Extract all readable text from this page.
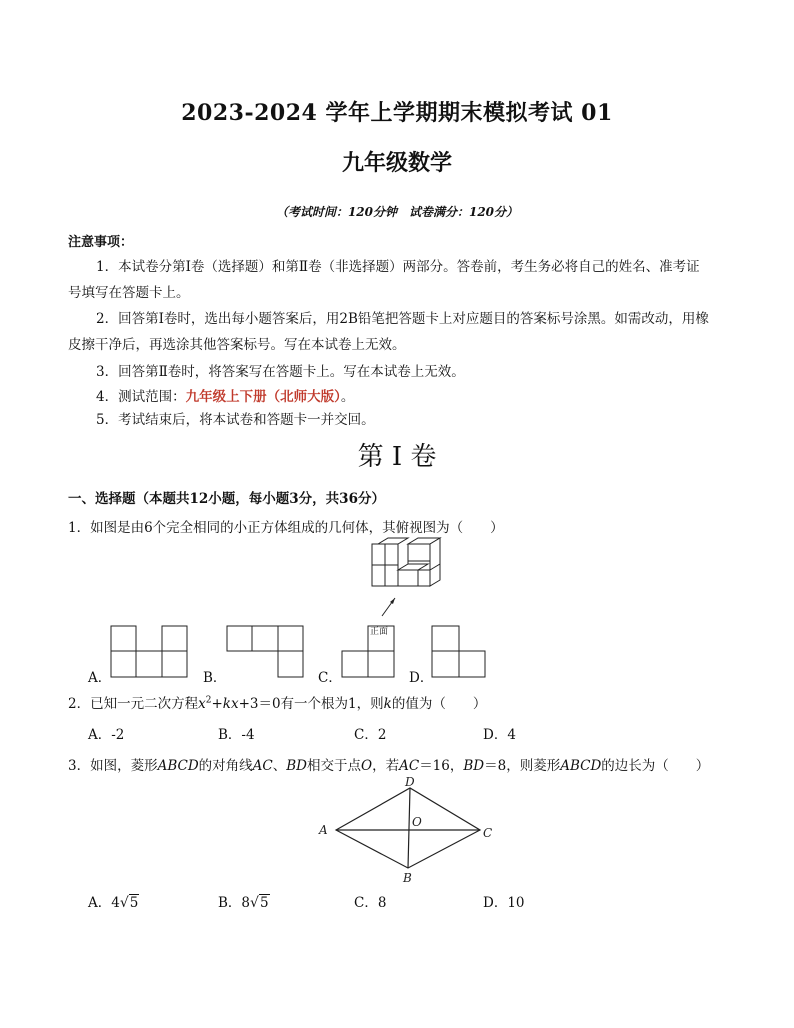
2023-2024 学年上学期期末模拟考试 01
九年级数学
（考试时间：120分钟　试卷满分：120分）
注意事项：
1．本试卷分第Ⅰ卷（选择题）和第Ⅱ卷（非选择题）两部分。答卷前，考生务必将自己的姓名、准考证
号填写在答题卡上。
2．回答第Ⅰ卷时，选出每小题答案后，用2B铅笔把答题卡上对应题目的答案标号涂黑。如需改动，用橡
皮擦干净后，再选涂其他答案标号。写在本试卷上无效。
3．回答第Ⅱ卷时，将答案写在答题卡上。写在本试卷上无效。
4．测试范围：九年级上下册（北师大版）。
5．考试结束后，将本试卷和答题卡一并交回。
第 I 卷
一、选择题（本题共12小题，每小题3分，共36分）
1．如图是由6个完全相同的小正方体组成的几何体，其俯视图为（　　）
正面
A．	B．	C．	D．
2．已知一元二次方程$x^2+kx+3=0$有一个根为1，则k的值为（　　）
A．-2	B．-4	C．2	D．4
3．如图，菱形ABCD的对角线AC、BD相交于点O，若AC＝16，BD＝8，则菱形ABCD的边长为（　　）
A
D
C
B
O
A．4√5	B．8√5	C．8	D．10
